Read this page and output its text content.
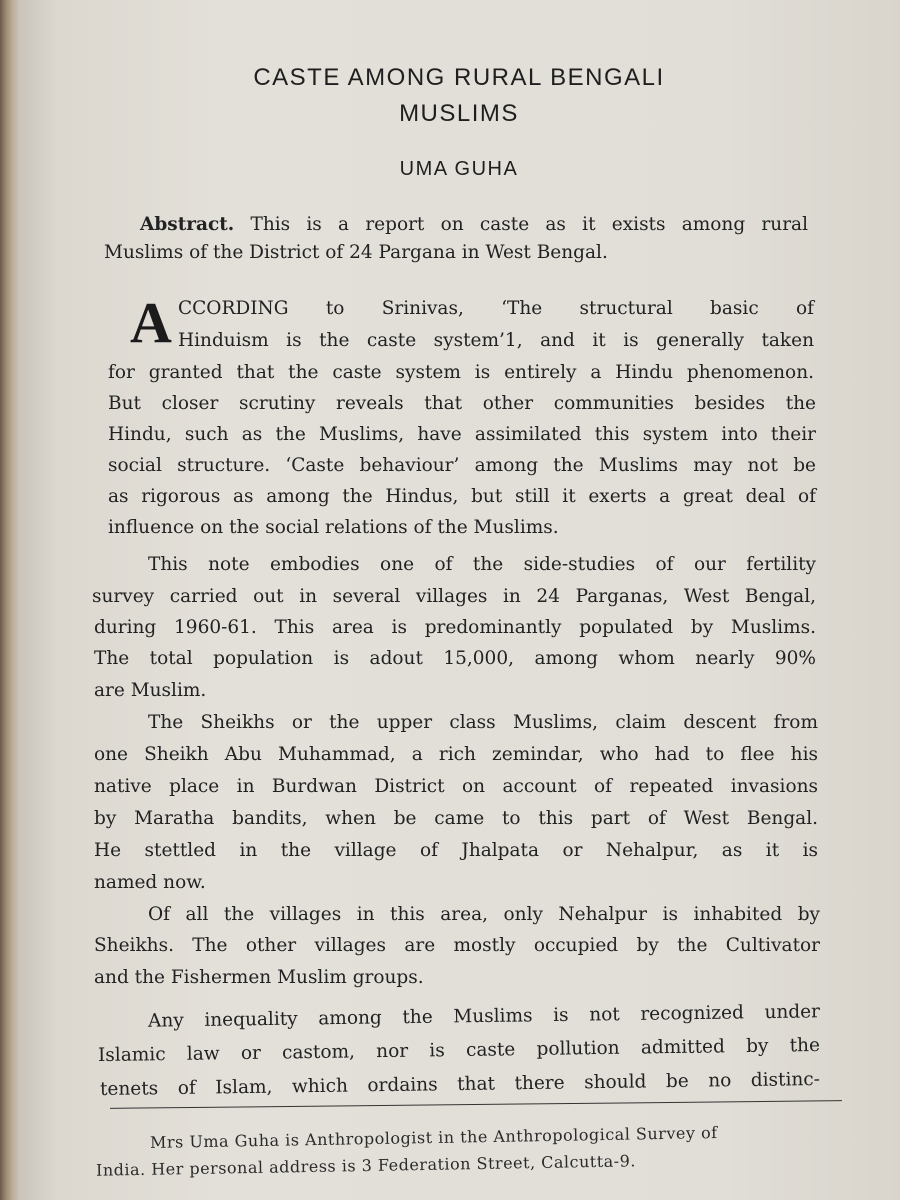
CASTE AMONG RURAL BENGALI
MUSLIMS
UMA GUHA
Abstract. This is a report on caste as it exists among rural
Muslims of the District of 24 Pargana in West Bengal.
A CCORDING to Srinivas, ‘The structural basic of
Hinduism is the caste system’1, and it is generally taken
for granted that the caste system is entirely a Hindu phenomenon.
But closer scrutiny reveals that other communities besides the
Hindu, such as the Muslims, have assimilated this system into their
social structure. ‘Caste behaviour’ among the Muslims may not be
as rigorous as among the Hindus, but still it exerts a great deal of
influence on the social relations of the Muslims.
This note embodies one of the side-studies of our fertility
survey carried out in several villages in 24 Parganas, West Bengal,
during 1960-61. This area is predominantly populated by Muslims.
The total population is adout 15,000, among whom nearly 90%
are Muslim.
The Sheikhs or the upper class Muslims, claim descent from
one Sheikh Abu Muhammad, a rich zemindar, who had to flee his
native place in Burdwan District on account of repeated invasions
by Maratha bandits, when be came to this part of West Bengal.
He stettled in the village of Jhalpata or Nehalpur, as it is
named now.
Of all the villages in this area, only Nehalpur is inhabited by
Sheikhs. The other villages are mostly occupied by the Cultivator
and the Fishermen Muslim groups.
Any inequality among the Muslims is not recognized under
Islamic law or castom, nor is caste pollution admitted by the
tenets of Islam, which ordains that there should be no distinc-
Mrs Uma Guha is Anthropologist in the Anthropological Survey of
India. Her personal address is 3 Federation Street, Calcutta-9.
